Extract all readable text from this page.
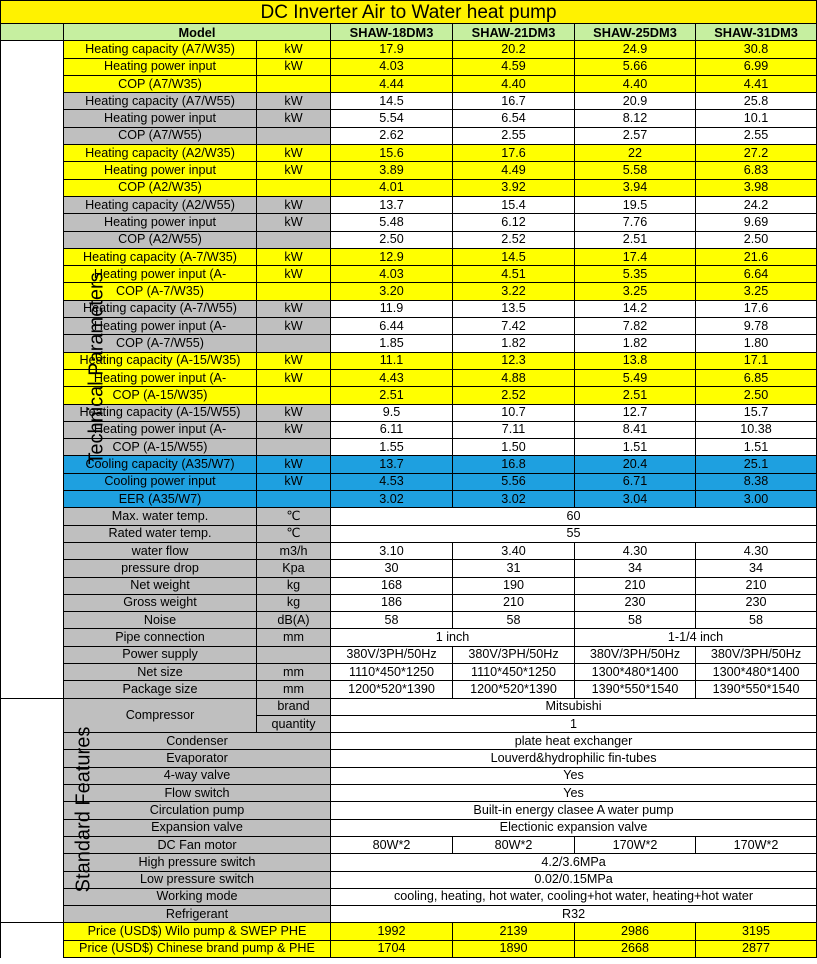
DC Inverter Air to Water heat pump						
	Model		SHAW-18DM3	SHAW-21DM3	SHAW-25DM3	SHAW-31DM3
Technical Parameters	Heating capacity (A7/W35)	kW	17.9	20.2	24.9	30.8
	Heating power input	kW	4.03	4.59	5.66	6.99
	COP (A7/W35)		4.44	4.40	4.40	4.41
	Heating capacity (A7/W55)	kW	14.5	16.7	20.9	25.8
	Heating power input	kW	5.54	6.54	8.12	10.1
	COP (A7/W55)		2.62	2.55	2.57	2.55
	Heating capacity (A2/W35)	kW	15.6	17.6	22	27.2
	Heating power input	kW	3.89	4.49	5.58	6.83
	COP (A2/W35)		4.01	3.92	3.94	3.98
	Heating capacity (A2/W55)	kW	13.7	15.4	19.5	24.2
	Heating power input	kW	5.48	6.12	7.76	9.69
	COP (A2/W55)		2.50	2.52	2.51	2.50
	Heating capacity (A-7/W35)	kW	12.9	14.5	17.4	21.6
	Heating power input (A-	kW	4.03	4.51	5.35	6.64
	COP (A-7/W35)		3.20	3.22	3.25	3.25
	Heating capacity (A-7/W55)	kW	11.9	13.5	14.2	17.6
	Heating power input (A-	kW	6.44	7.42	7.82	9.78
	COP (A-7/W55)		1.85	1.82	1.82	1.80
	Heating capacity (A-15/W35)	kW	11.1	12.3	13.8	17.1
	Heating power input (A-	kW	4.43	4.88	5.49	6.85
	COP (A-15/W35)		2.51	2.52	2.51	2.50
	Heating capacity (A-15/W55)	kW	9.5	10.7	12.7	15.7
	Heating power input (A-	kW	6.11	7.11	8.41	10.38
	COP (A-15/W55)		1.55	1.50	1.51	1.51
	Cooling capacity (A35/W7)	kW	13.7	16.8	20.4	25.1
	Cooling power input	kW	4.53	5.56	6.71	8.38
	EER (A35/W7)		3.02	3.02	3.04	3.00
	Max. water temp.	℃	60			
	Rated water temp.	℃	55			
	water flow	m3/h	3.10	3.40	4.30	4.30
	pressure drop	Kpa	30	31	34	34
	Net weight	kg	168	190	210	210
	Gross weight	kg	186	210	230	230
	Noise	dB(A)	58	58	58	58
	Pipe connection	mm	1 inch		1-1/4 inch	
	Power supply		380V/3PH/50Hz	380V/3PH/50Hz	380V/3PH/50Hz	380V/3PH/50Hz
	Net size	mm	1110*450*1250	1110*450*1250	1300*480*1400	1300*480*1400
	Package size	mm	1200*520*1390	1200*520*1390	1390*550*1540	1390*550*1540
Standard Features	Compressor	brand	Mitsubishi			
		quantity	1			
	Condenser		plate heat exchanger			
	Evaporator		Louverd&hydrophilic fin-tubes			
	4-way valve		Yes			
	Flow switch		Yes			
	Circulation pump		Built-in energy clasee A water pump			
	Expansion valve		Electionic expansion valve			
	DC Fan motor		80W*2	80W*2	170W*2	170W*2
	High pressure switch		4.2/3.6MPa			
	Low pressure switch		0.02/0.15MPa			
	Working mode		cooling, heating, hot water, cooling+hot water, heating+hot water			
	Refrigerant		R32			
	Price (USD$) Wilo pump & SWEP PHE		1992	2139	2986	3195
	Price (USD$) Chinese brand pump & PHE		1704	1890	2668	2877
